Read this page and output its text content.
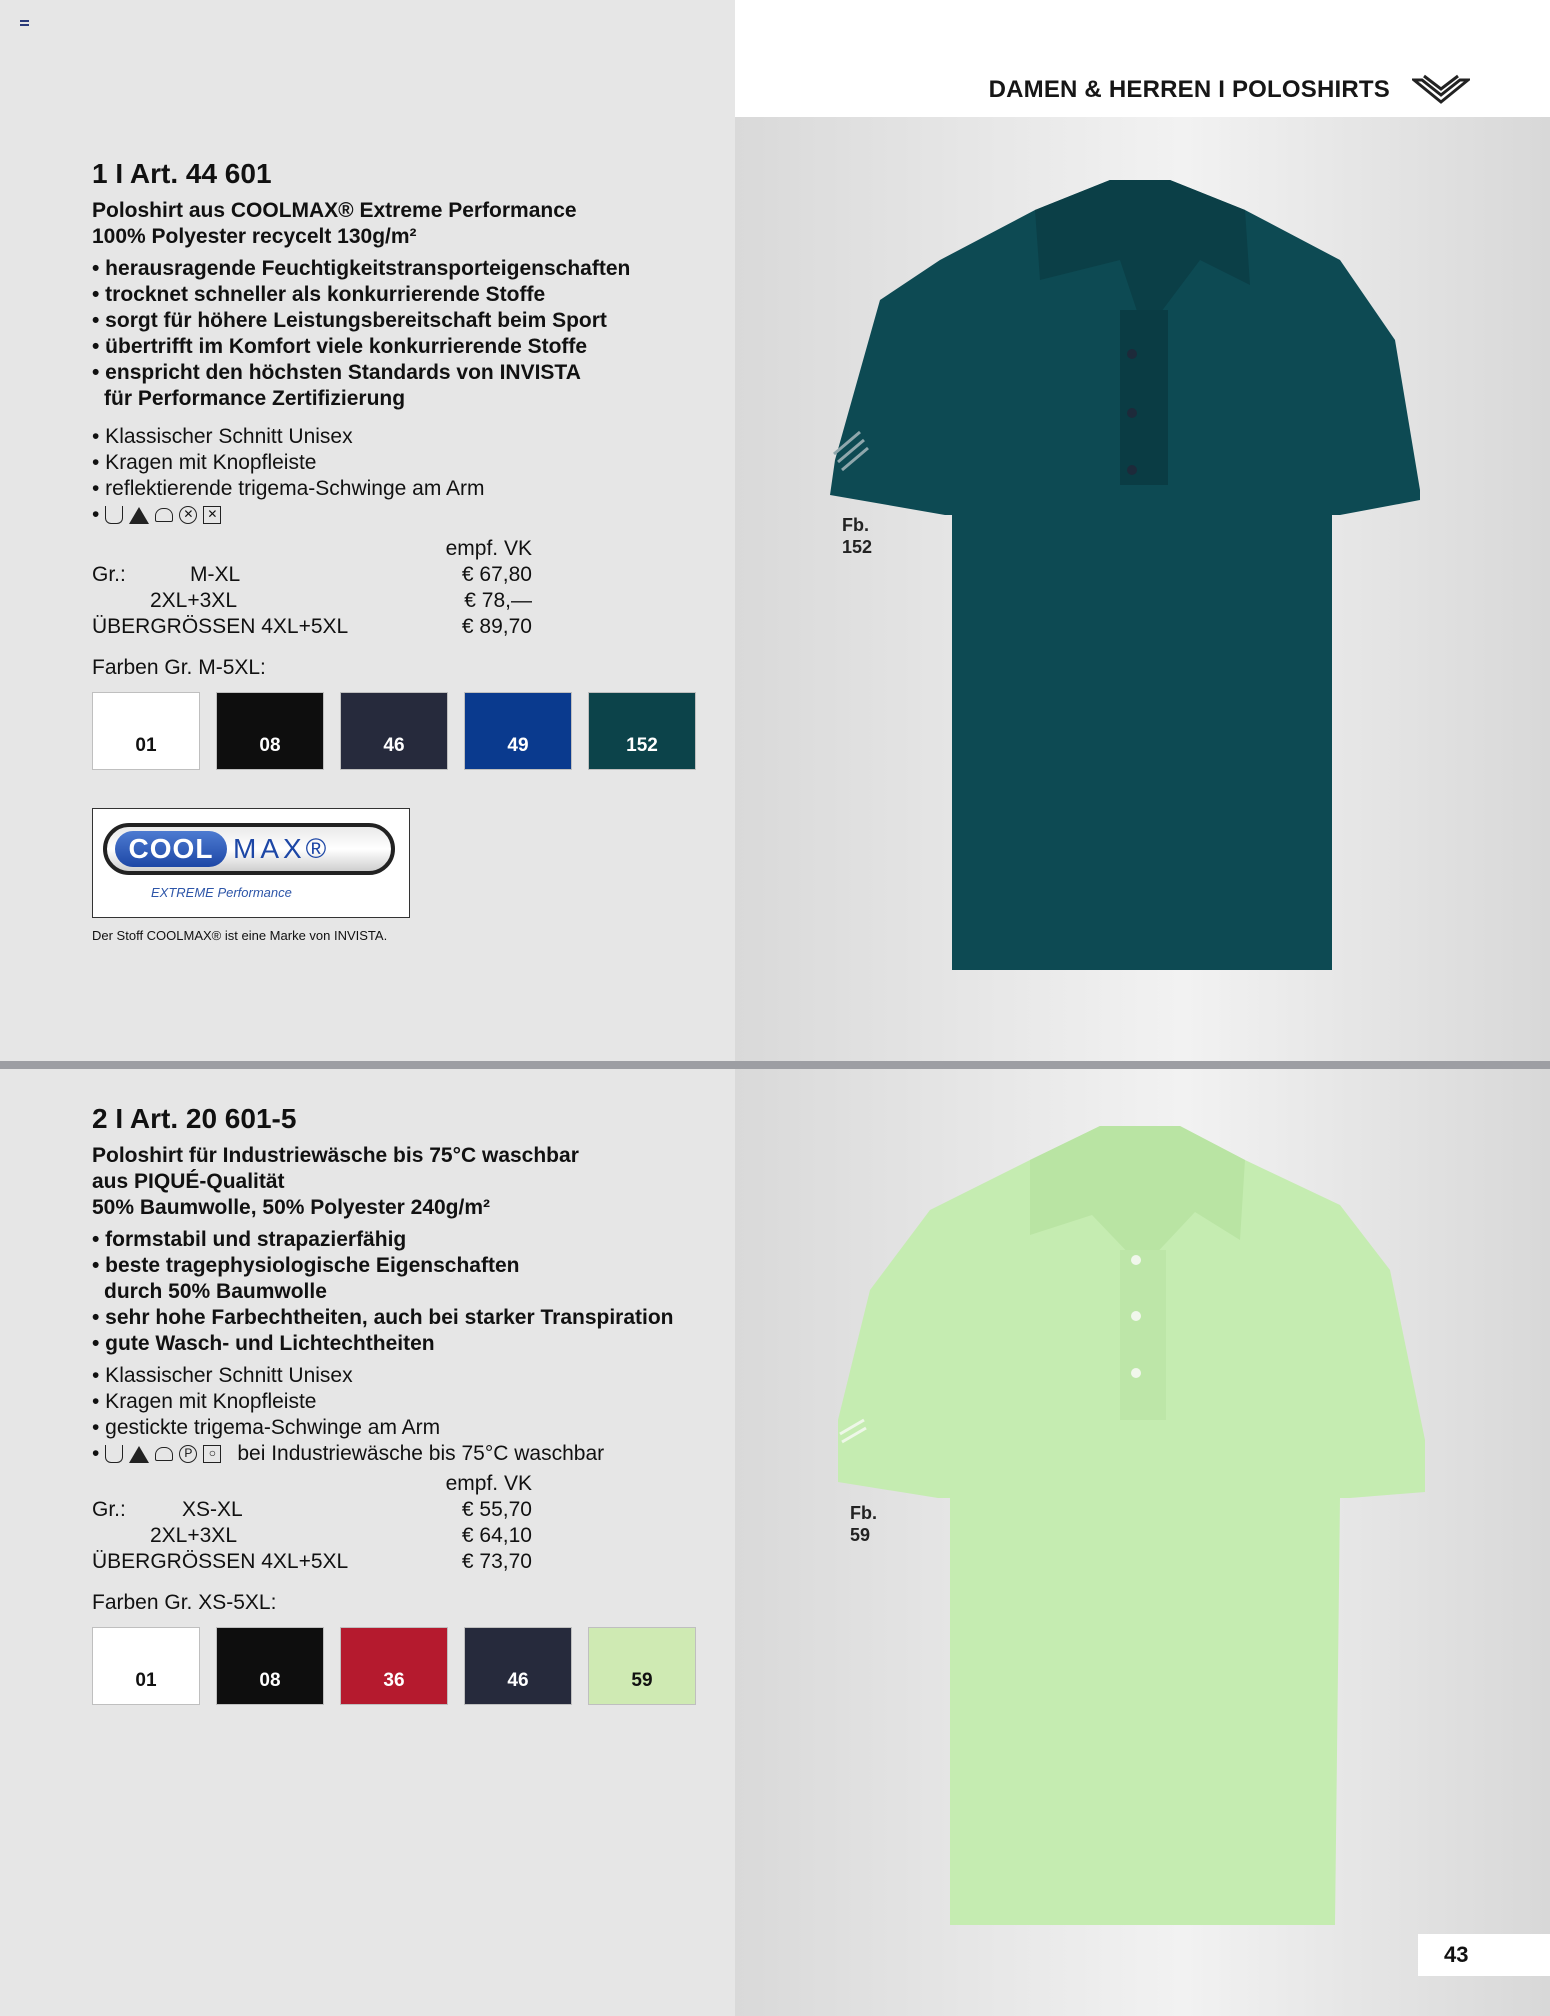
DAMEN & HERREN I POLOSHIRTS
1 I Art. 44 601
Poloshirt aus COOLMAX® Extreme Performance
100% Polyester recycelt 130g/m²
• herausragende Feuchtigkeitstransporteigenschaften
• trocknet schneller als konkurrierende Stoffe
• sorgt für höhere Leistungsbereitschaft beim Sport
• übertrifft im Komfort viele konkurrierende Stoffe
• enspricht den höchsten Standards von INVISTA
für Performance Zertifizierung
• Klassischer Schnitt Unisex
• Kragen mit Knopfleiste
• reflektierende trigema-Schwinge am Arm
•	✕	✕
empf. VK
Gr.:	M-XL	€ 67,80
2XL+3XL	€ 78,—
ÜBERGRÖSSEN 4XL+5XL	€ 89,70
Farben Gr. M-5XL:
01	08	46	49	152
COOL MAX®
EXTREME Performance
Der Stoff COOLMAX® ist eine Marke von INVISTA.
Fb.
152
2 I Art. 20 601-5
Poloshirt für Industriewäsche bis 75°C waschbar
aus PIQUÉ-Qualität
50% Baumwolle, 50% Polyester 240g/m²
• formstabil und strapazierfähig
• beste tragephysiologische Eigenschaften
durch 50% Baumwolle
• sehr hohe Farbechtheiten, auch bei starker Transpiration
• gute Wasch- und Lichtechtheiten
• Klassischer Schnitt Unisex
• Kragen mit Knopfleiste
• gestickte trigema-Schwinge am Arm
•	P	○ bei Industriewäsche bis 75°C waschbar
empf. VK
Gr.:	XS-XL	€ 55,70
2XL+3XL	€ 64,10
ÜBERGRÖSSEN 4XL+5XL	€ 73,70
Farben Gr. XS-5XL:
01	08	36	46	59
Fb.
59
43
